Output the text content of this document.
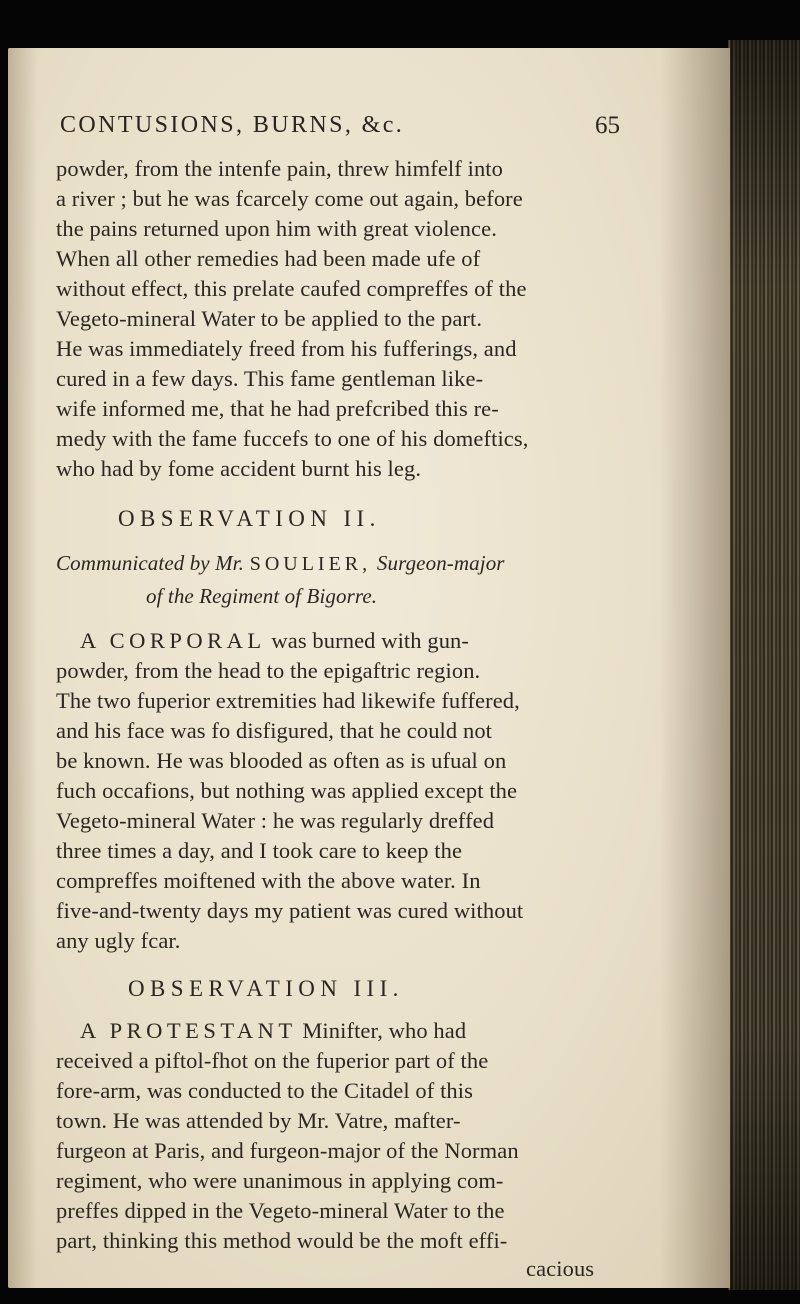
CONTUSIONS, BURNS, &c.	65
powder, from the intenfe pain, threw himfelf into
a river ; but he was fcarcely come out again, before
the pains returned upon him with great violence.
When all other remedies had been made ufe of
without effect, this prelate caufed compreffes of the
Vegeto-mineral Water to be applied to the part.
He was immediately freed from his fufferings, and
cured in a few days. This fame gentleman like-
wife informed me, that he had prefcribed this re-
medy with the fame fuccefs to one of his domeftics,
who had by fome accident burnt his leg.
OBSERVATION II.
Communicated by Mr. SOULIER, Surgeon-major
of the Regiment of Bigorre.
A CORPORAL was burned with gun-
powder, from the head to the epigaftric region.
The two fuperior extremities had likewife fuffered,
and his face was fo disfigured, that he could not
be known. He was blooded as often as is ufual on
fuch occafions, but nothing was applied except the
Vegeto-mineral Water : he was regularly dreffed
three times a day, and I took care to keep the
compreffes moiftened with the above water. In
five-and-twenty days my patient was cured without
any ugly fcar.
OBSERVATION III.
A PROTESTANT Minifter, who had
received a piftol-fhot on the fuperior part of the
fore-arm, was conducted to the Citadel of this
town. He was attended by Mr. Vatre, mafter-
furgeon at Paris, and furgeon-major of the Norman
regiment, who were unanimous in applying com-
preffes dipped in the Vegeto-mineral Water to the
part, thinking this method would be the moft effi-
cacious
